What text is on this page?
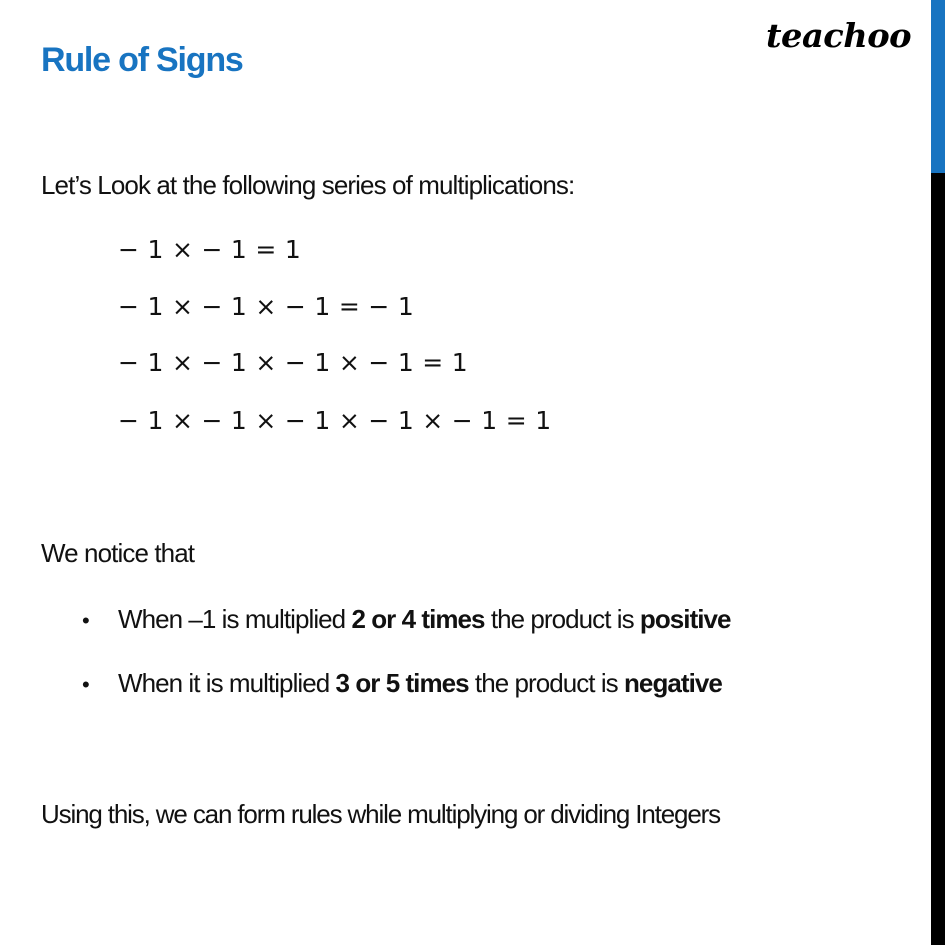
Rule of Signs
teachoo

Let’s Look at the following series of multiplications:

− 1 × − 1 = 1
− 1 × − 1 × − 1 = − 1
− 1 × − 1 × − 1 × − 1 = 1
− 1 × − 1 × − 1 × − 1 × − 1 = 1

We notice that

• When –1 is multiplied 2 or 4 times the product is positive
• When it is multiplied 3 or 5 times the product is negative

Using this, we can form rules while multiplying or dividing Integers
